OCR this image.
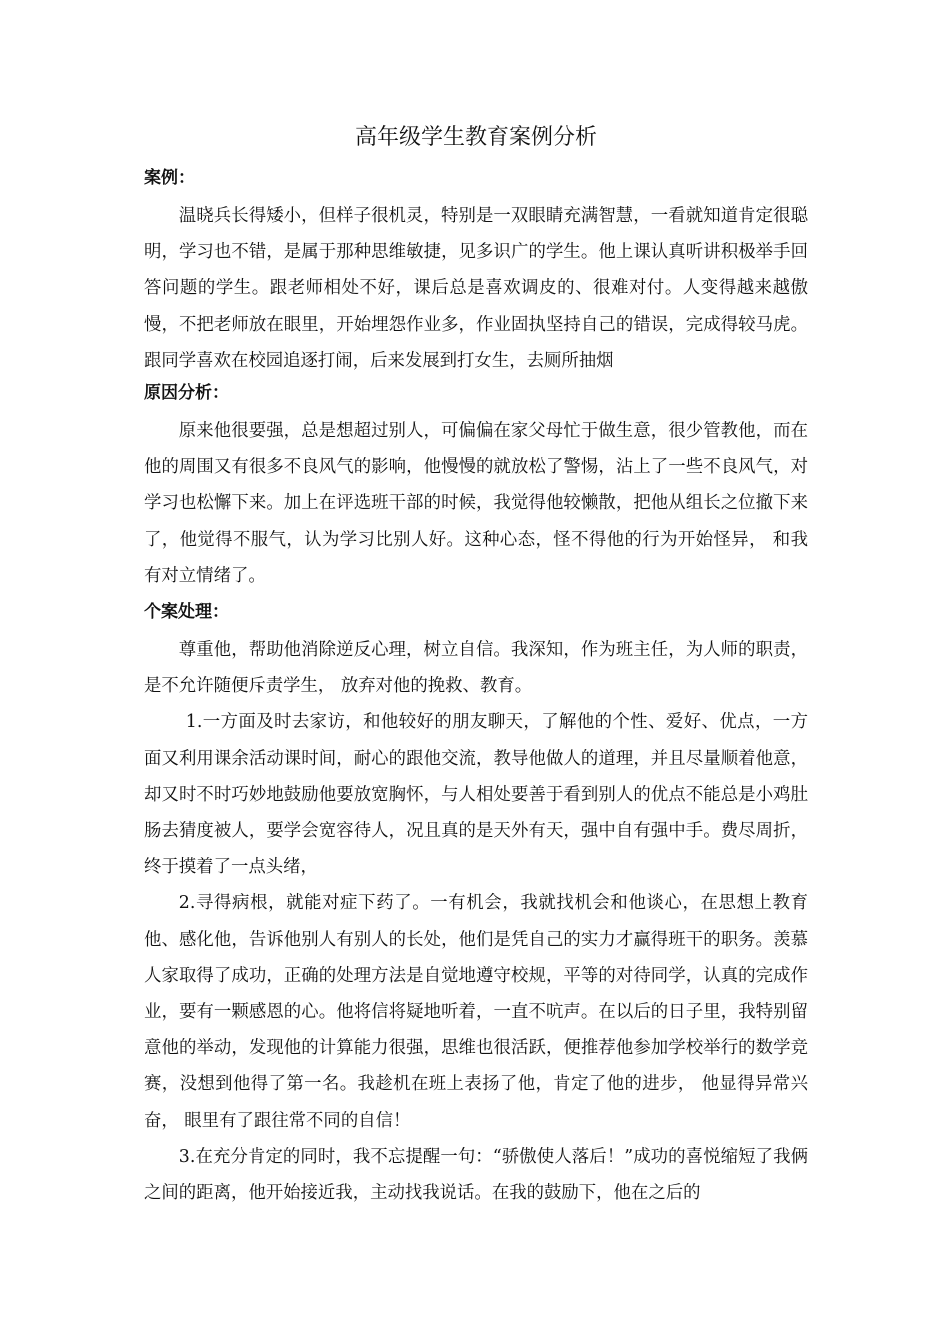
高年级学生教育案例分析
案例：

温晓兵长得矮小，但样子很机灵，特别是一双眼睛充满智慧，一看就知道肯定很聪明，学习也不错，是属于那种思维敏捷，见多识广的学生。他上课认真听讲积极举手回答问题的学生。跟老师相处不好，课后总是喜欢调皮的、很难对付。人变得越来越傲慢，不把老师放在眼里，开始埋怨作业多，作业固执坚持自己的错误，完成得较马虎。跟同学喜欢在校园追逐打闹，后来发展到打女生，去厕所抽烟

原因分析：

原来他很要强，总是想超过别人，可偏偏在家父母忙于做生意，很少管教他，而在他的周围又有很多不良风气的影响，他慢慢的就放松了警惕，沾上了一些不良风气，对学习也松懈下来。加上在评选班干部的时候，我觉得他较懒散，把他从组长之位撤下来了，他觉得不服气，认为学习比别人好。这种心态，怪不得他的行为开始怪异， 和我有对立情绪了。

个案处理：

尊重他，帮助他消除逆反心理，树立自信。我深知，作为班主任，为人师的职责， 是不允许随便斥责学生， 放弃对他的挽救、教育。

1.一方面及时去家访，和他较好的朋友聊天，了解他的个性、爱好、优点，一方面又利用课余活动课时间，耐心的跟他交流，教导他做人的道理，并且尽量顺着他意，却又时不时巧妙地鼓励他要放宽胸怀，与人相处要善于看到别人的优点不能总是小鸡肚肠去猜度被人，要学会宽容待人，况且真的是天外有天，强中自有强中手。费尽周折， 终于摸着了一点头绪，

2.寻得病根，就能对症下药了。一有机会，我就找机会和他谈心，在思想上教育他、感化他，告诉他别人有别人的长处，他们是凭自己的实力才赢得班干的职务。羡慕人家取得了成功，正确的处理方法是自觉地遵守校规，平等的对待同学，认真的完成作业，要有一颗感恩的心。他将信将疑地听着，一直不吭声。在以后的日子里，我特别留意他的举动，发现他的计算能力很强，思维也很活跃，便推荐他参加学校举行的数学竞赛，没想到他得了第一名。我趁机在班上表扬了他，肯定了他的进步， 他显得异常兴奋， 眼里有了跟往常不同的自信！

3.在充分肯定的同时，我不忘提醒一句：“骄傲使人落后！”成功的喜悦缩短了我俩之间的距离，他开始接近我，主动找我说话。在我的鼓励下，他在之后的
